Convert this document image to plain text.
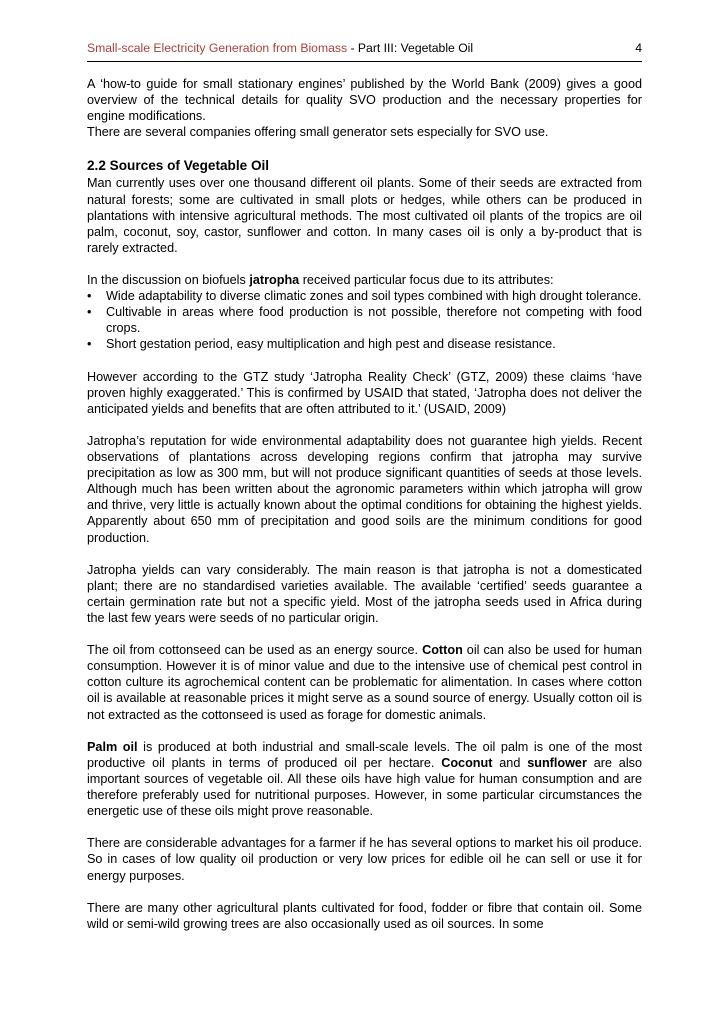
Small-scale Electricity Generation from Biomass - Part III: Vegetable Oil	4

A ‘how-to guide for small stationary engines’ published by the World Bank (2009) gives a good overview of the technical details for quality SVO production and the necessary properties for engine modifications.

There are several companies offering small generator sets especially for SVO use.

2.2 Sources of Vegetable Oil

Man currently uses over one thousand different oil plants. Some of their seeds are extracted from natural forests; some are cultivated in small plots or hedges, while others can be produced in plantations with intensive agricultural methods. The most cultivated oil plants of the tropics are oil palm, coconut, soy, castor, sunflower and cotton. In many cases oil is only a by-product that is rarely extracted.

In the discussion on biofuels jatropha received particular focus due to its attributes:

•	Wide adaptability to diverse climatic zones and soil types combined with high drought tolerance.
•	Cultivable in areas where food production is not possible, therefore not competing with food crops.
•	Short gestation period, easy multiplication and high pest and disease resistance.

However according to the GTZ study ‘Jatropha Reality Check’ (GTZ, 2009) these claims ‘have proven highly exaggerated.’ This is confirmed by USAID that stated, ‘Jatropha does not deliver the anticipated yields and benefits that are often attributed to it.’ (USAID, 2009)

Jatropha’s reputation for wide environmental adaptability does not guarantee high yields. Recent observations of plantations across developing regions confirm that jatropha may survive precipitation as low as 300 mm, but will not produce significant quantities of seeds at those levels. Although much has been written about the agronomic parameters within which jatropha will grow and thrive, very little is actually known about the optimal conditions for obtaining the highest yields. Apparently about 650 mm of precipitation and good soils are the minimum conditions for good production.

Jatropha yields can vary considerably. The main reason is that jatropha is not a domesticated plant; there are no standardised varieties available. The available ‘certified’ seeds guarantee a certain germination rate but not a specific yield. Most of the jatropha seeds used in Africa during the last few years were seeds of no particular origin.

The oil from cottonseed can be used as an energy source. Cotton oil can also be used for human consumption. However it is of minor value and due to the intensive use of chemical pest control in cotton culture its agrochemical content can be problematic for alimentation. In cases where cotton oil is available at reasonable prices it might serve as a sound source of energy. Usually cotton oil is not extracted as the cottonseed is used as forage for domestic animals.

Palm oil is produced at both industrial and small-scale levels. The oil palm is one of the most productive oil plants in terms of produced oil per hectare. Coconut and sunflower are also important sources of vegetable oil. All these oils have high value for human consumption and are therefore preferably used for nutritional purposes. However, in some particular circumstances the energetic use of these oils might prove reasonable.

There are considerable advantages for a farmer if he has several options to market his oil produce. So in cases of low quality oil production or very low prices for edible oil he can sell or use it for energy purposes.

There are many other agricultural plants cultivated for food, fodder or fibre that contain oil. Some wild or semi-wild growing trees are also occasionally used as oil sources. In some
